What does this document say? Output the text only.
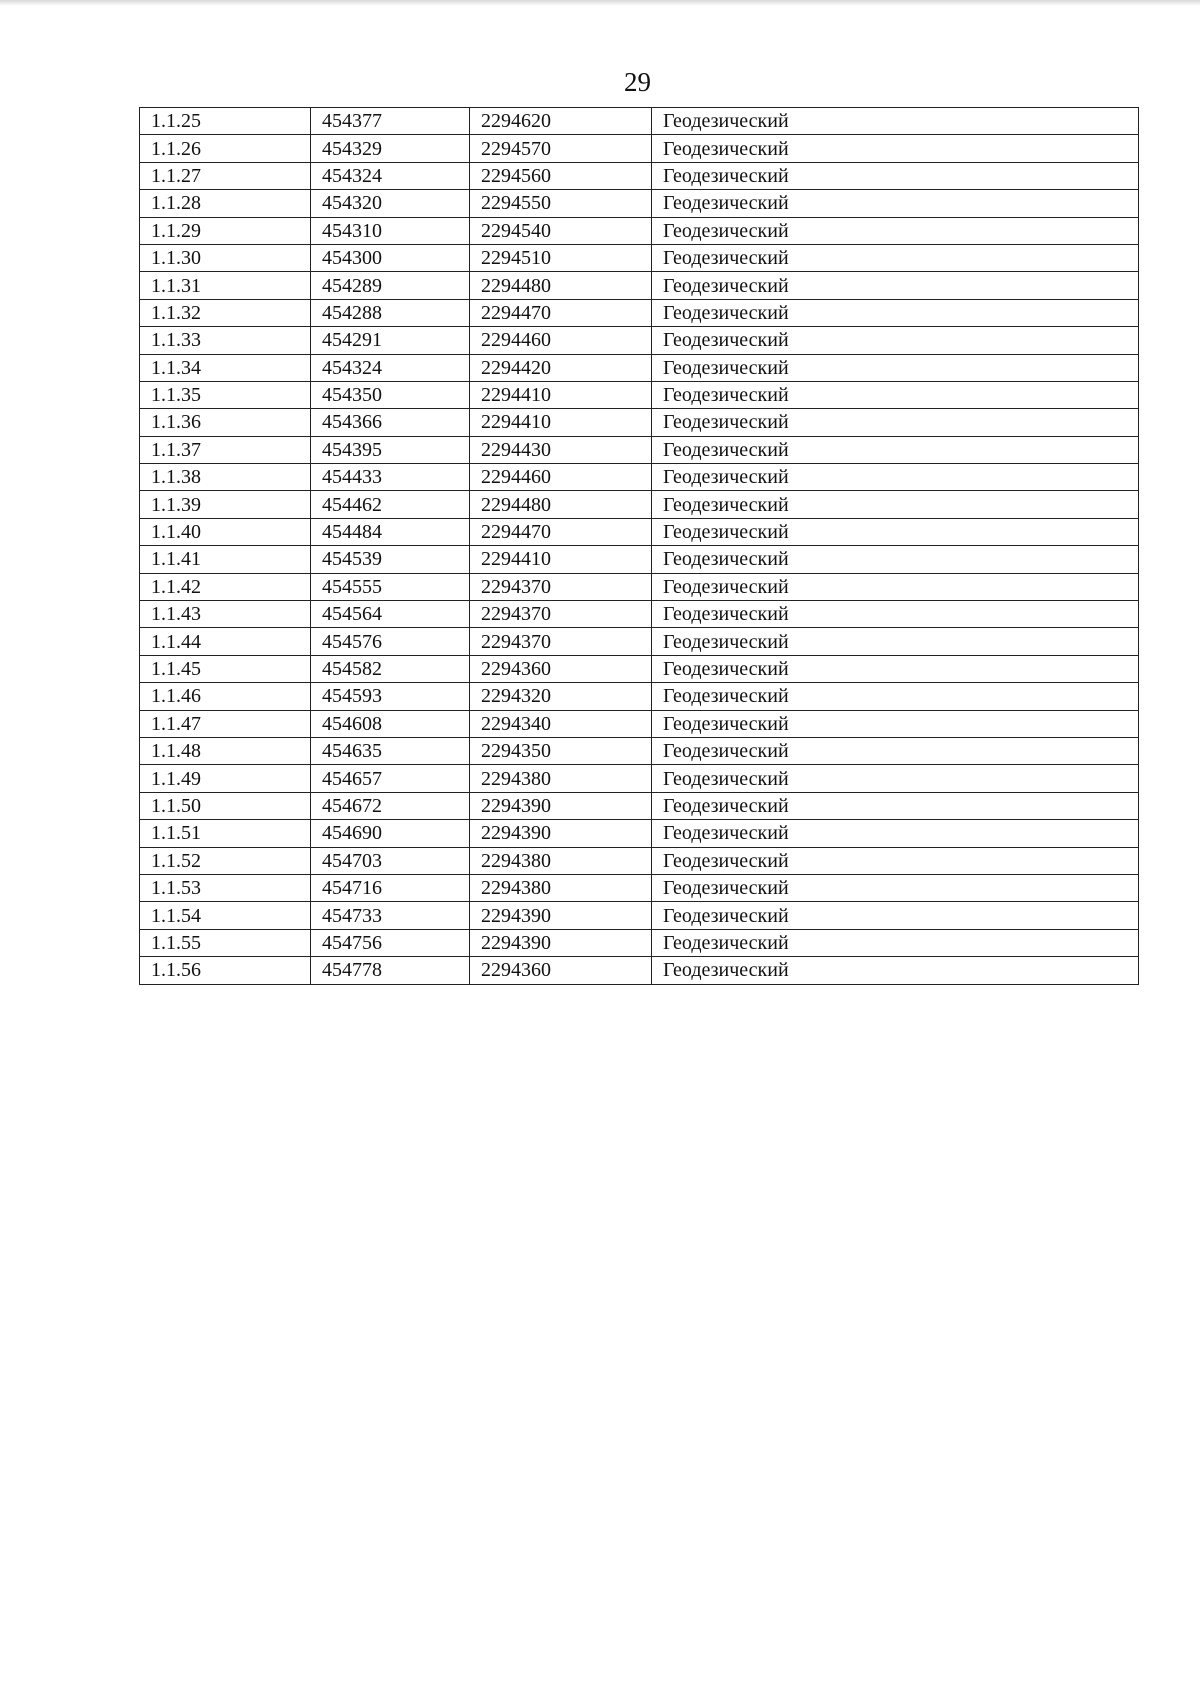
29
1.1.25	454377	2294620	Геодезический
1.1.26	454329	2294570	Геодезический
1.1.27	454324	2294560	Геодезический
1.1.28	454320	2294550	Геодезический
1.1.29	454310	2294540	Геодезический
1.1.30	454300	2294510	Геодезический
1.1.31	454289	2294480	Геодезический
1.1.32	454288	2294470	Геодезический
1.1.33	454291	2294460	Геодезический
1.1.34	454324	2294420	Геодезический
1.1.35	454350	2294410	Геодезический
1.1.36	454366	2294410	Геодезический
1.1.37	454395	2294430	Геодезический
1.1.38	454433	2294460	Геодезический
1.1.39	454462	2294480	Геодезический
1.1.40	454484	2294470	Геодезический
1.1.41	454539	2294410	Геодезический
1.1.42	454555	2294370	Геодезический
1.1.43	454564	2294370	Геодезический
1.1.44	454576	2294370	Геодезический
1.1.45	454582	2294360	Геодезический
1.1.46	454593	2294320	Геодезический
1.1.47	454608	2294340	Геодезический
1.1.48	454635	2294350	Геодезический
1.1.49	454657	2294380	Геодезический
1.1.50	454672	2294390	Геодезический
1.1.51	454690	2294390	Геодезический
1.1.52	454703	2294380	Геодезический
1.1.53	454716	2294380	Геодезический
1.1.54	454733	2294390	Геодезический
1.1.55	454756	2294390	Геодезический
1.1.56	454778	2294360	Геодезический
